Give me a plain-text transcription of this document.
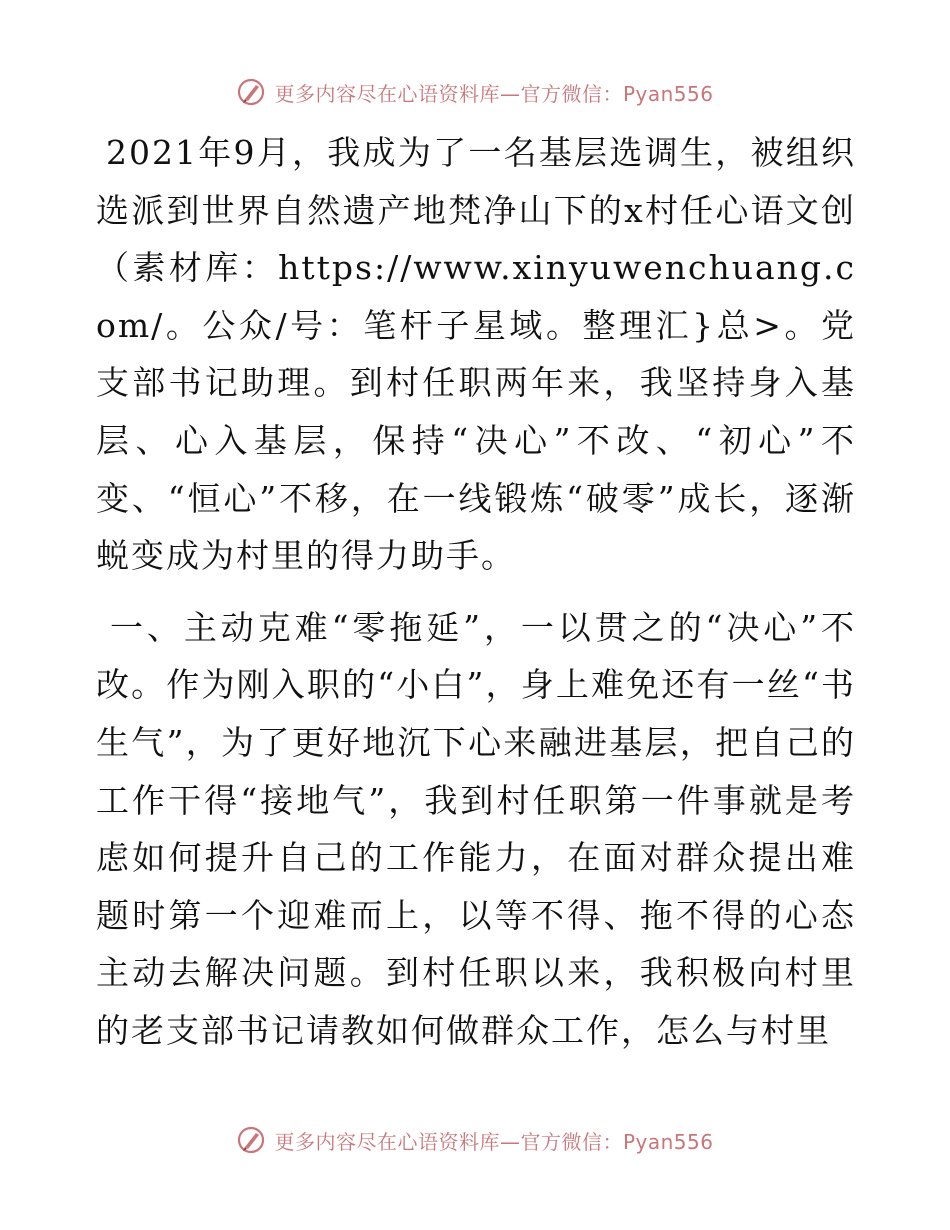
更多内容尽在心语资料库—官方微信：Pyan556

2021年9月，我成为了一名基层选调生，被组织选派到世界自然遗产地梵净山下的x村任心语文创（素材库：https://www.xinyuwenchuang.com/。公众/号：笔杆子星域。整理汇}总>。党支部书记助理。到村任职两年来，我坚持身入基层、心入基层，保持“决心”不改、“初心”不变、“恒心”不移，在一线锻炼“破零”成长，逐渐蜕变成为村里的得力助手。

一、主动克难“零拖延”，一以贯之的“决心”不改。作为刚入职的“小白”，身上难免还有一丝“书生气”，为了更好地沉下心来融进基层，把自己的工作干得“接地气”，我到村任职第一件事就是考虑如何提升自己的工作能力，在面对群众提出难题时第一个迎难而上，以等不得、拖不得的心态主动去解决问题。到村任职以来，我积极向村里的老支部书记请教如何做群众工作，怎么与村里

更多内容尽在心语资料库—官方微信：Pyan556
